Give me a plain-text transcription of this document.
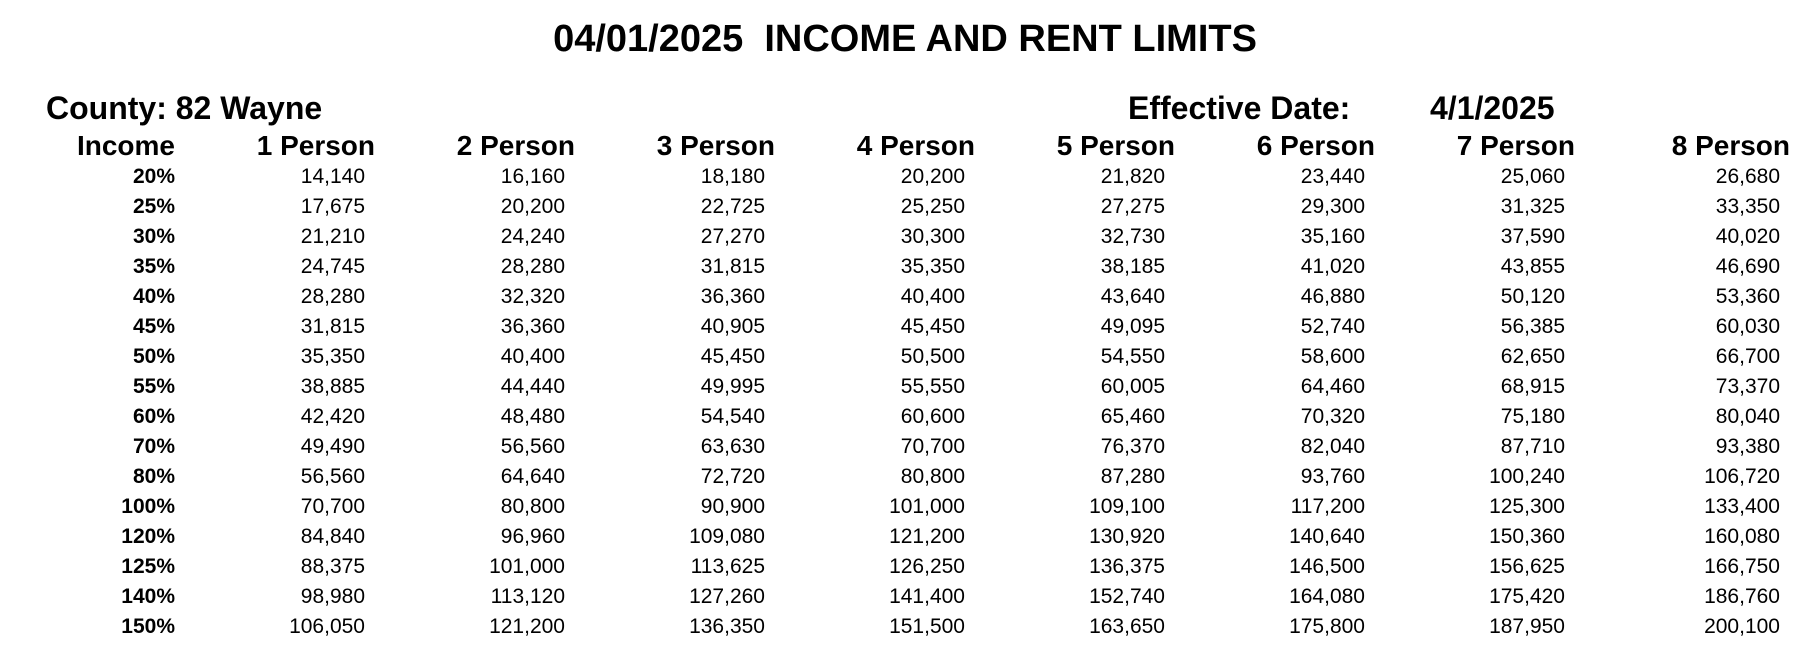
04/01/2025  INCOME AND RENT LIMITS
County: 82 Wayne	Effective Date: 4/1/2025
Income	1 Person	2 Person	3 Person	4 Person	5 Person	6 Person	7 Person	8 Person
20%	14,140	16,160	18,180	20,200	21,820	23,440	25,060	26,680
25%	17,675	20,200	22,725	25,250	27,275	29,300	31,325	33,350
30%	21,210	24,240	27,270	30,300	32,730	35,160	37,590	40,020
35%	24,745	28,280	31,815	35,350	38,185	41,020	43,855	46,690
40%	28,280	32,320	36,360	40,400	43,640	46,880	50,120	53,360
45%	31,815	36,360	40,905	45,450	49,095	52,740	56,385	60,030
50%	35,350	40,400	45,450	50,500	54,550	58,600	62,650	66,700
55%	38,885	44,440	49,995	55,550	60,005	64,460	68,915	73,370
60%	42,420	48,480	54,540	60,600	65,460	70,320	75,180	80,040
70%	49,490	56,560	63,630	70,700	76,370	82,040	87,710	93,380
80%	56,560	64,640	72,720	80,800	87,280	93,760	100,240	106,720
100%	70,700	80,800	90,900	101,000	109,100	117,200	125,300	133,400
120%	84,840	96,960	109,080	121,200	130,920	140,640	150,360	160,080
125%	88,375	101,000	113,625	126,250	136,375	146,500	156,625	166,750
140%	98,980	113,120	127,260	141,400	152,740	164,080	175,420	186,760
150%	106,050	121,200	136,350	151,500	163,650	175,800	187,950	200,100
